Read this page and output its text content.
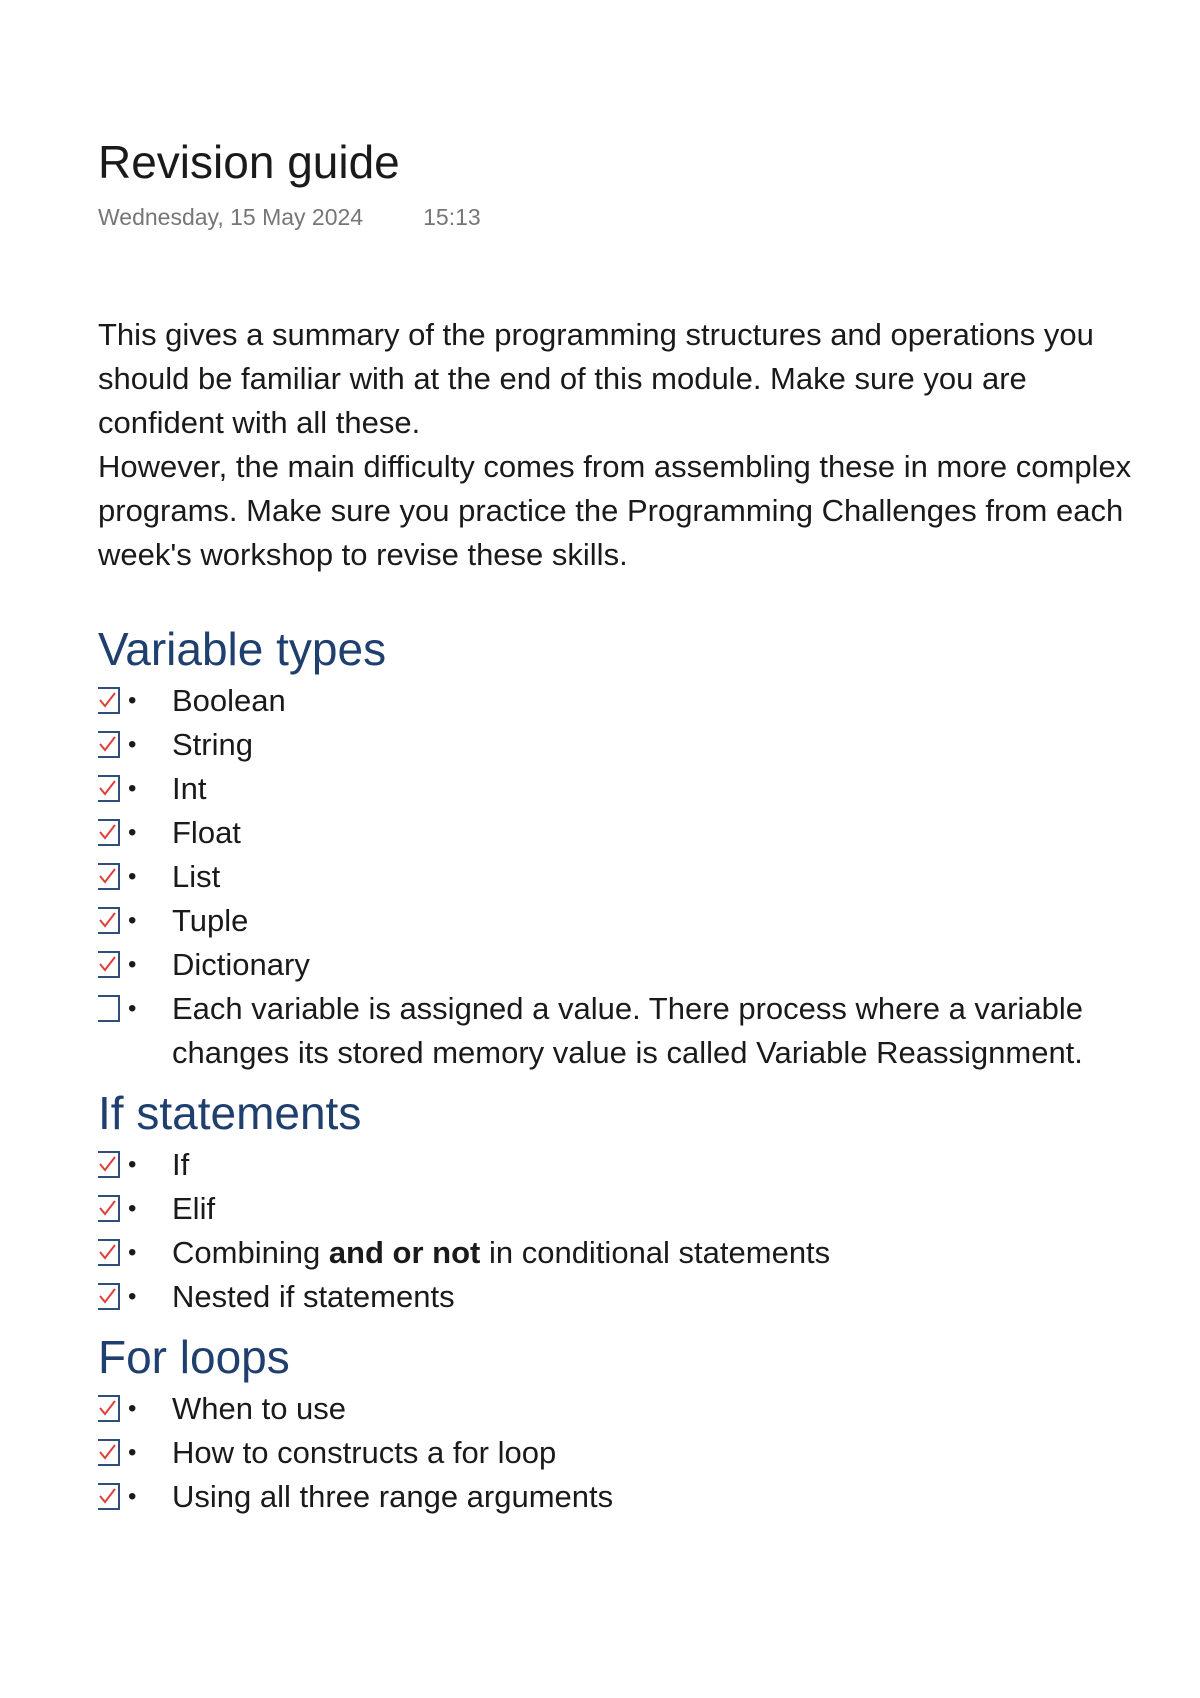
Revision guide
Wednesday, 15 May 2024	15:13

This gives a summary of the programming structures and operations you should be familiar with at the end of this module. Make sure you are confident with all these.

However, the main difficulty comes from assembling these in more complex programs. Make sure you practice the Programming Challenges from each week's workshop to revise these skills.

Variable types
• Boolean
• String
• Int
• Float
• List
• Tuple
• Dictionary
• Each variable is assigned a value. There process where a variable changes its stored memory value is called Variable Reassignment.
If statements
• If
• Elif
• Combining and or not in conditional statements
• Nested if statements
For loops
• When to use
• How to constructs a for loop
• Using all three range arguments
